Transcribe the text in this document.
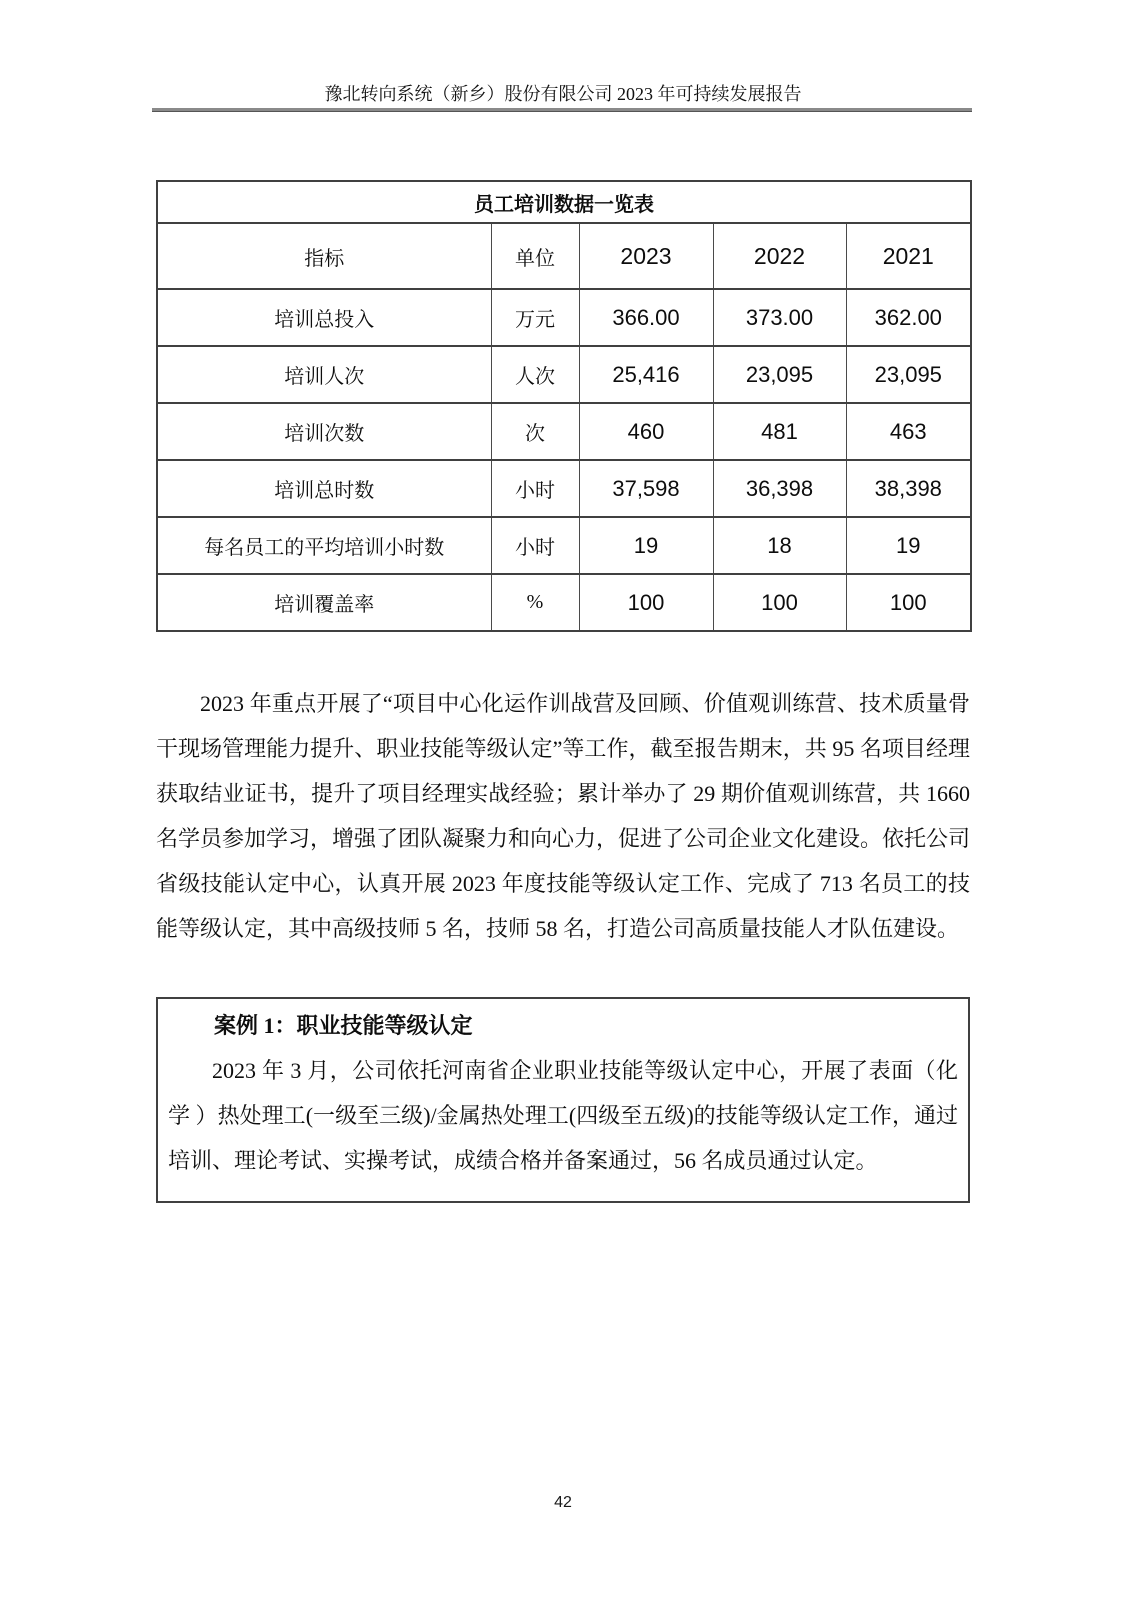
豫北转向系统（新乡）股份有限公司 2023 年可持续发展报告
员工培训数据一览表				
指标	单位	2023	2022	2021
培训总投入	万元	366.00	373.00	362.00
培训人次	人次	25,416	23,095	23,095
培训次数	次	460	481	463
培训总时数	小时	37,598	36,398	38,398
每名员工的平均培训小时数	小时	19	18	19
培训覆盖率	%	100	100	100

2023 年重点开展了“项目中心化运作训战营及回顾、价值观训练营、技术质量骨干现场管理能力提升、职业技能等级认定”等工作，截至报告期末，共 95 名项目经理获取结业证书，提升了项目经理实战经验；累计举办了 29 期价值观训练营，共 1660 名学员参加学习，增强了团队凝聚力和向心力，促进了公司企业文化建设。依托公司省级技能认定中心，认真开展 2023 年度技能等级认定工作、完成了 713 名员工的技能等级认定，其中高级技师 5 名，技师 58 名，打造公司高质量技能人才队伍建设。

案例 1：职业技能等级认定

2023 年 3 月，公司依托河南省企业职业技能等级认定中心，开展了表面（化学 ）热处理工(一级至三级)/金属热处理工(四级至五级)的技能等级认定工作，通过培训、理论考试、实操考试，成绩合格并备案通过，56 名成员通过认定。

42
